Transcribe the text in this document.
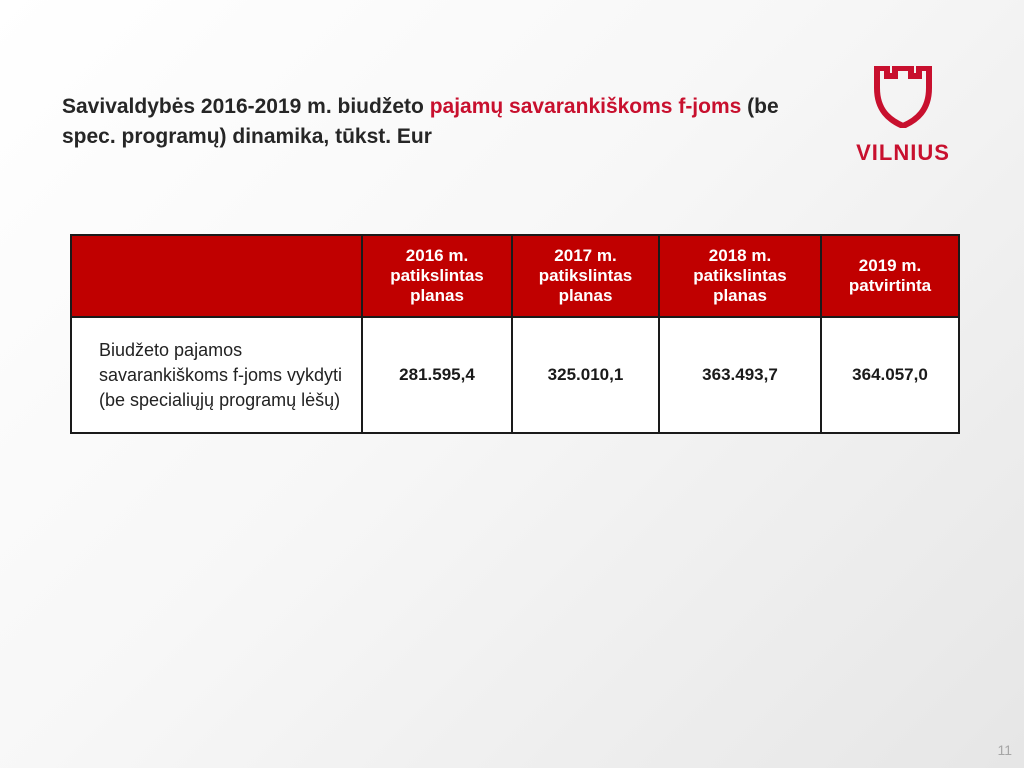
Savivaldybės 2016-2019 m. biudžeto pajamų savarankiškoms f-joms (be spec. programų) dinamika, tūkst. Eur
VILNIUS
	2016 m. patikslintas planas	2017 m. patikslintas planas	2018 m. patikslintas planas	2019 m. patvirtinta
Biudžeto pajamos savarankiškoms f-joms vykdyti (be specialiųjų programų lėšų)	281.595,4	325.010,1	363.493,7	364.057,0
11
